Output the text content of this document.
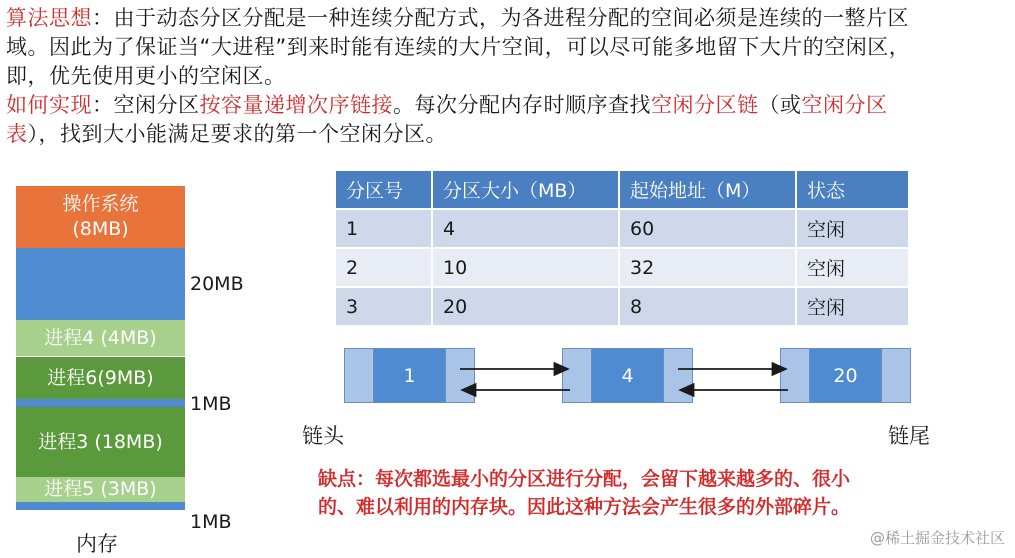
算法思想：由于动态分区分配是一种连续分配方式，为各进程分配的空间必须是连续的一整片区
域。因此为了保证当“大进程”到来时能有连续的大片空间，可以尽可能多地留下大片的空闲区，
即，优先使用更小的空闲区。
如何实现：空闲分区按容量递增次序链接。每次分配内存时顺序查找空闲分区链（或空闲分区
表），找到大小能满足要求的第一个空闲分区。
操作系统
(8MB)
进程4 (4MB)
进程6(9MB)
进程3 (18MB)
进程5 (3MB)
20MB
1MB
1MB
内存
分区号	分区大小（MB）	起始地址（M）	状态
1	4	60	空闲
2	10	32	空闲
3	20	8	空闲
1	4	20
链头	链尾
缺点：每次都选最小的分区进行分配，会留下越来越多的、很小
的、难以利用的内存块。因此这种方法会产生很多的外部碎片。
@稀土掘金技术社区
